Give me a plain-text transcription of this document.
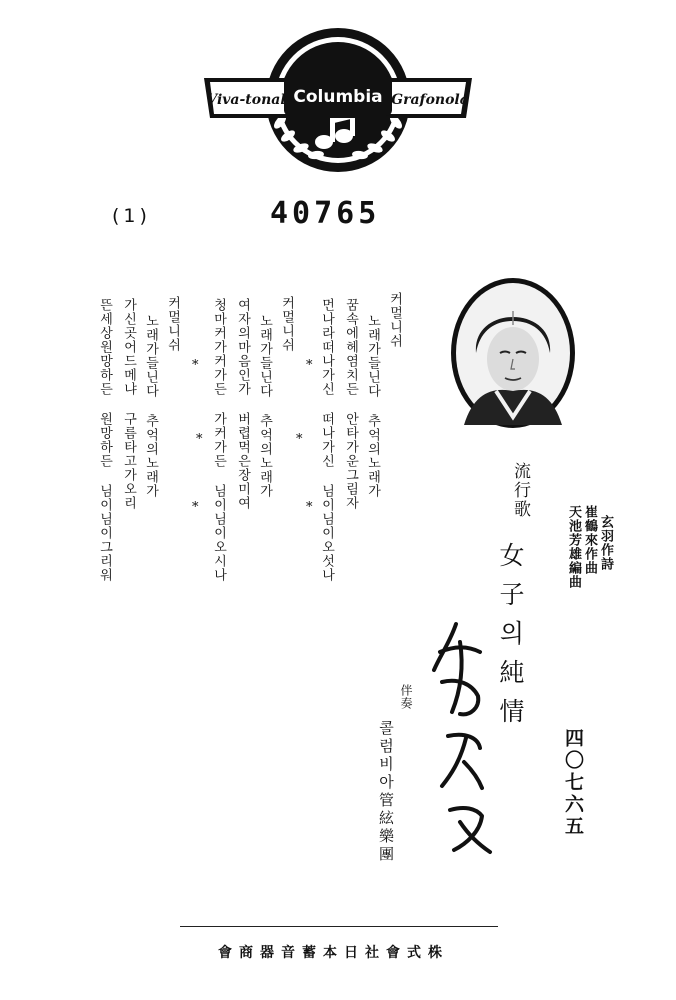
Viva-tonal Columbia Grafonola
(1)	40765
커멀니쉬
노래가들닌다 추억의노래가
꿈속에헤염치든 안타가운그림자
먼나라떠나가신 떠나가신 님이님이오섯나
커멀니쉬
노래가들닌다 추억의노래가
여자의마음인가 버렵먹은장미여
청마커가커가든 가커가든 님이님이오시나
커멀니쉬
노래가들닌다 추억의노래가
가신곳어드메냐 구름타고가오리
뜬세상원망하든 원망하든 님이님이그리워	*
*
*
*
*
*
流行歌
女子의純情	玄羽作詩
崔鶴來作曲
天池芳雄編曲
四〇七六五
伴奏
콜럼비아管絃樂團
株式會社日本蓄音器商會
